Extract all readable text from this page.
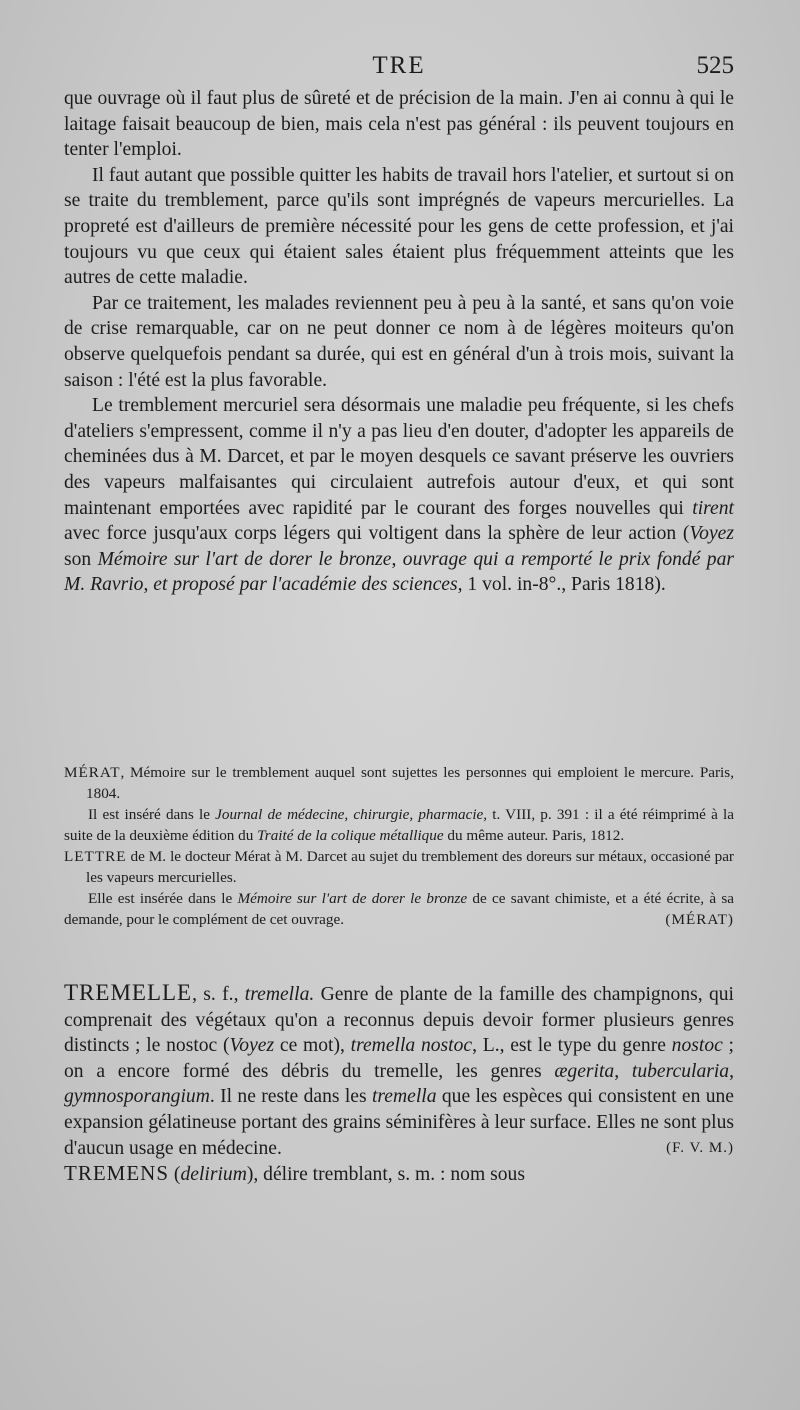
TRE	525

que ouvrage où il faut plus de sûreté et de précision de la main. J'en ai connu à qui le laitage faisait beaucoup de bien, mais cela n'est pas général : ils peuvent toujours en tenter l'emploi.

Il faut autant que possible quitter les habits de travail hors l'atelier, et surtout si on se traite du tremblement, parce qu'ils sont imprégnés de vapeurs mercurielles. La propreté est d'ailleurs de première nécessité pour les gens de cette profession, et j'ai toujours vu que ceux qui étaient sales étaient plus fréquemment atteints que les autres de cette maladie.

Par ce traitement, les malades reviennent peu à peu à la santé, et sans qu'on voie de crise remarquable, car on ne peut donner ce nom à de légères moiteurs qu'on observe quelquefois pendant sa durée, qui est en général d'un à trois mois, suivant la saison : l'été est la plus favorable.

Le tremblement mercuriel sera désormais une maladie peu fréquente, si les chefs d'ateliers s'empressent, comme il n'y a pas lieu d'en douter, d'adopter les appareils de cheminées dus à M. Darcet, et par le moyen desquels ce savant préserve les ouvriers des vapeurs malfaisantes qui circulaient autrefois autour d'eux, et qui sont maintenant emportées avec rapidité par le courant des forges nouvelles qui tirent avec force jusqu'aux corps légers qui voltigent dans la sphère de leur action (Voyez son Mémoire sur l'art de dorer le bronze, ouvrage qui a remporté le prix fondé par M. Ravrio, et proposé par l'académie des sciences, 1 vol. in-8°., Paris 1818).

MÉRAT, Mémoire sur le tremblement auquel sont sujettes les personnes qui emploient le mercure. Paris, 1804.

Il est inséré dans le Journal de médecine, chirurgie, pharmacie, t. VIII, p. 391 : il a été réimprimé à la suite de la deuxième édition du Traité de la colique métallique du même auteur. Paris, 1812.

LETTRE de M. le docteur Mérat à M. Darcet au sujet du tremblement des doreurs sur métaux, occasioné par les vapeurs mercurielles.

Elle est insérée dans le Mémoire sur l'art de dorer le bronze de ce savant chimiste, et a été écrite, à sa demande, pour le complément de cet ouvrage.	(MÉRAT)

TREMELLE, s. f., tremella. Genre de plante de la famille des champignons, qui comprenait des végétaux qu'on a reconnus depuis devoir former plusieurs genres distincts ; le nostoc (Voyez ce mot), tremella nostoc, L., est le type du genre nostoc ; on a encore formé des débris du tremelle, les genres ægerita, tubercularia, gymnosporangium. Il ne reste dans les tremella que les espèces qui consistent en une expansion gélatineuse portant des grains séminifères à leur surface. Elles ne sont plus d'aucun usage en médecine.	(F. V. M.)

TREMENS (delirium), délire tremblant, s. m. : nom sous
